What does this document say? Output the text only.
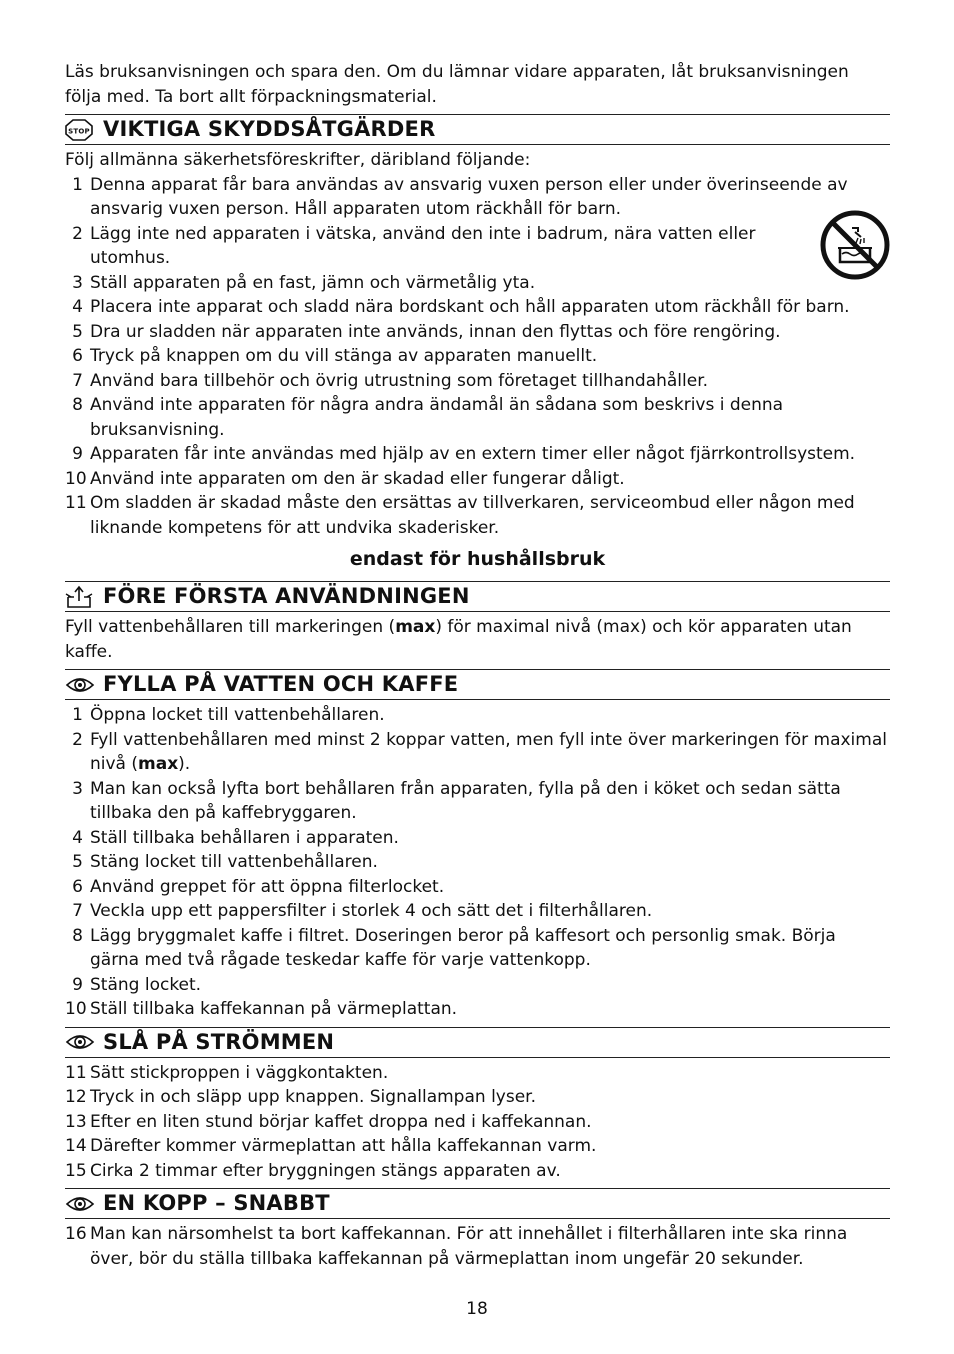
Läs bruksanvisningen och spara den. Om du lämnar vidare apparaten, låt bruksanvisningen följa med. Ta bort allt förpackningsmaterial.

STOP VIKTIGA SKYDDSÅTGÄRDER

Följ allmänna säkerhetsföreskrifter, däribland följande:

1 Denna apparat får bara användas av ansvarig vuxen person eller under överinseende av ansvarig vuxen person. Håll apparaten utom räckhåll för barn.
2 Lägg inte ned apparaten i vätska, använd den inte i badrum, nära vatten eller utomhus.
3 Ställ apparaten på en fast, jämn och värmetålig yta.
4 Placera inte apparat och sladd nära bordskant och håll apparaten utom räckhåll för barn.
5 Dra ur sladden när apparaten inte används, innan den flyttas och före rengöring.
6 Tryck på knappen om du vill stänga av apparaten manuellt.
7 Använd bara tillbehör och övrig utrustning som företaget tillhandahåller.
8 Använd inte apparaten för några andra ändamål än sådana som beskrivs i denna bruksanvisning.
9 Apparaten får inte användas med hjälp av en extern timer eller något fjärrkontrollsystem.
10 Använd inte apparaten om den är skadad eller fungerar dåligt.
11 Om sladden är skadad måste den ersättas av tillverkaren, serviceombud eller någon med liknande kompetens för att undvika skaderisker.

endast för hushållsbruk

FÖRE FÖRSTA ANVÄNDNINGEN

Fyll vattenbehållaren till markeringen (max) för maximal nivå (max) och kör apparaten utan kaffe.

FYLLA PÅ VATTEN OCH KAFFE
1 Öppna locket till vattenbehållaren.
2 Fyll vattenbehållaren med minst 2 koppar vatten, men fyll inte över markeringen för maximal nivå (max).
3 Man kan också lyfta bort behållaren från apparaten, fylla på den i köket och sedan sätta tillbaka den på kaffebryggaren.
4 Ställ tillbaka behållaren i apparaten.
5 Stäng locket till vattenbehållaren.
6 Använd greppet för att öppna filterlocket.
7 Veckla upp ett pappersfilter i storlek 4 och sätt det i filterhållaren.
8 Lägg bryggmalet kaffe i filtret. Doseringen beror på kaffesort och personlig smak. Börja gärna med två rågade teskedar kaffe för varje vattenkopp.
9 Stäng locket.
10 Ställ tillbaka kaffekannan på värmeplattan.
SLÅ PÅ STRÖMMEN
11 Sätt stickproppen i väggkontakten.
12 Tryck in och släpp upp knappen. Signallampan lyser.
13 Efter en liten stund börjar kaffet droppa ned i kaffekannan.
14 Därefter kommer värmeplattan att hålla kaffekannan varm.
15 Cirka 2 timmar efter bryggningen stängs apparaten av.
EN KOPP – SNABBT
16 Man kan närsomhelst ta bort kaffekannan. För att innehållet i filterhållaren inte ska rinna över, bör du ställa tillbaka kaffekannan på värmeplattan inom ungefär 20 sekunder.
18
